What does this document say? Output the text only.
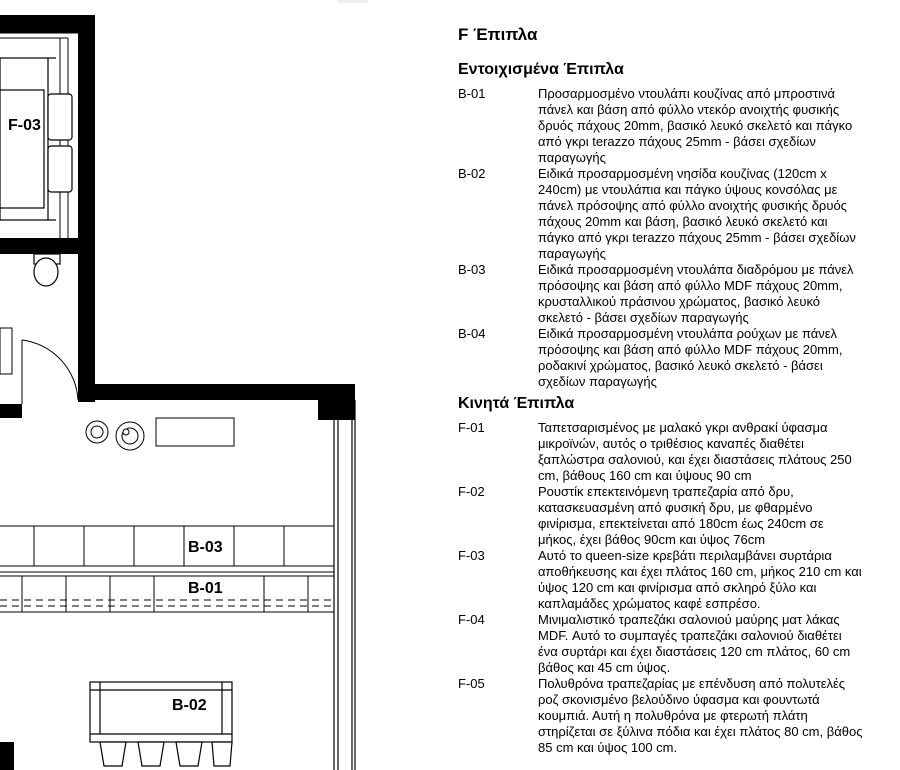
F-03
B-03
B-01
B-02
F Έπιπλα
Εντοιχισμένα Έπιπλα
B-01	Προσαρμοσμένο ντουλάπι κουζίνας από μπροστινά πάνελ και βάση από φύλλο ντεκόρ ανοιχτής φυσικής δρυός πάχους 20mm, βασικό λευκό σκελετό και πάγκο από γκρι terazzo πάχους 25mm - βάσει σχεδίων παραγωγής
B-02	Ειδικά προσαρμοσμένη νησίδα κουζίνας (120cm x 240cm) με ντουλάπια και πάγκο ύψους κονσόλας με πάνελ πρόσοψης από φύλλο ανοιχτής φυσικής δρυός πάχους 20mm και βάση, βασικό λευκό σκελετό και πάγκο από γκρι terazzo πάχους 25mm - βάσει σχεδίων παραγωγής
B-03	Ειδικά προσαρμοσμένη ντουλάπα διαδρόμου με πάνελ πρόσοψης και βάση από φύλλο MDF πάχους 20mm, κρυσταλλικού πράσινου χρώματος, βασικό λευκό σκελετό - βάσει σχεδίων παραγωγής
B-04	Ειδικά προσαρμοσμένη ντουλάπα ρούχων με πάνελ πρόσοψης και βάση από φύλλο MDF πάχους 20mm, ροδακινί χρώματος, βασικό λευκό σκελετό - βάσει σχεδίων παραγωγής
Κινητά Έπιπλα
F-01	Ταπετσαρισμένος με μαλακό γκρι ανθρακί ύφασμα μικροϊνών, αυτός ο τριθέσιος καναπές διαθέτει ξαπλώστρα σαλονιού, και έχει διαστάσεις πλάτους 250 cm, βάθους 160 cm και ύψους 90 cm
F-02	Ρουστίκ επεκτεινόμενη τραπεζαρία από δρυ, κατασκευασμένη από φυσική δρυ, με φθαρμένο φινίρισμα, επεκτείνεται από 180cm έως 240cm σε μήκος, έχει βάθος 90cm και ύψος 76cm
F-03	Αυτό το queen-size κρεβάτι περιλαμβάνει συρτάρια αποθήκευσης και έχει πλάτος 160 cm, μήκος 210 cm και ύψος 120 cm και φινίρισμα από σκληρό ξύλο και καπλαμάδες χρώματος καφέ εσπρέσο.
F-04	Μινιμαλιστικό τραπεζάκι σαλονιού μαύρης ματ λάκας MDF. Αυτό το συμπαγές τραπεζάκι σαλονιού διαθέτει ένα συρτάρι και έχει διαστάσεις 120 cm πλάτος, 60 cm βάθος και 45 cm ύψος.
F-05	Πολυθρόνα τραπεζαρίας με επένδυση από πολυτελές ροζ σκονισμένο βελούδινο ύφασμα και φουντωτά κουμπιά. Αυτή η πολυθρόνα με φτερωτή πλάτη στηρίζεται σε ξύλινα πόδια και έχει πλάτος 80 cm, βάθος 85 cm και ύψος 100 cm.
